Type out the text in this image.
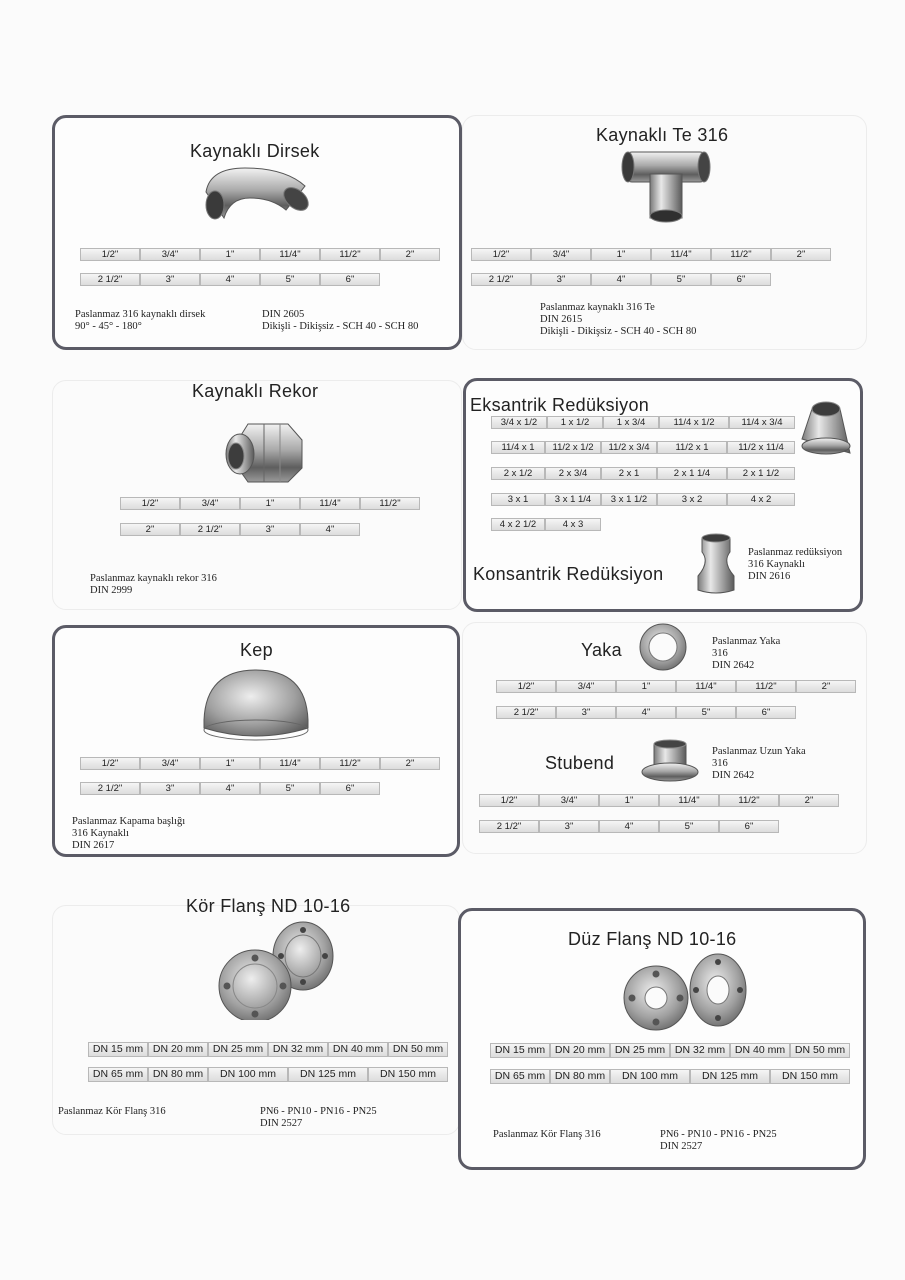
Kaynaklı Dirsek
1/2"	3/4"	1"	11/4"	11/2"	2"
2 1/2"	3"	4"	5"	6"
Paslanmaz 316 kaynaklı dirsek
90° - 45° - 180°
DIN 2605
Dikişli - Dikişsiz - SCH 40 - SCH 80
Kaynaklı Te 316
1/2"	3/4"	1"	11/4"	11/2"	2"
2 1/2"	3"	4"	5"	6"
Paslanmaz kaynaklı 316 Te
DIN 2615
Dikişli - Dikişsiz - SCH 40 - SCH 80
Kaynaklı Rekor
1/2"	3/4"	1"	11/4"	11/2"
2"	2 1/2"	3"	4"
Paslanmaz kaynaklı rekor 316
DIN 2999
Eksantrik Redüksiyon
3/4 x 1/2	1 x 1/2	1 x 3/4	11/4 x 1/2	11/4 x 3/4
11/4 x 1	11/2 x 1/2	11/2 x 3/4	11/2 x 1	11/2 x 11/4
2 x 1/2	2 x 3/4	2 x 1	2 x 1 1/4	2 x 1 1/2
3 x 1	3 x 1 1/4	3 x 1 1/2	3 x 2	4 x 2
4 x 2 1/2	4 x 3
Konsantrik Redüksiyon
Paslanmaz redüksiyon
316 Kaynaklı
DIN 2616
Kep
1/2"	3/4"	1"	11/4"	11/2"	2"
2 1/2"	3"	4"	5"	6"
Paslanmaz Kapama başlığı
316 Kaynaklı
DIN 2617
Yaka	Paslanmaz Yaka
316
DIN 2642
1/2"	3/4"	1"	11/4"	11/2"	2"
2 1/2"	3"	4"	5"	6"
Stubend
Paslanmaz Uzun Yaka
316
DIN 2642
1/2"	3/4"	1"	11/4"	11/2"	2"
2 1/2"	3"	4"	5"	6"
Kör Flanş ND 10-16
DN 15 mm DN 20 mm DN 25 mm DN 32 mm DN 40 mm DN 50 mm
DN 65 mm DN 80 mm	DN 100 mm	DN 125 mm	DN 150 mm
Paslanmaz Kör Flanş 316	PN6 - PN10 - PN16 - PN25
DIN 2527
Düz Flanş ND 10-16
DN 15 mm DN 20 mm DN 25 mm DN 32 mm DN 40 mm DN 50 mm
DN 65 mm DN 80 mm	DN 100 mm	DN 125 mm	DN 150 mm
Paslanmaz Kör Flanş 316	PN6 - PN10 - PN16 - PN25
DIN 2527
